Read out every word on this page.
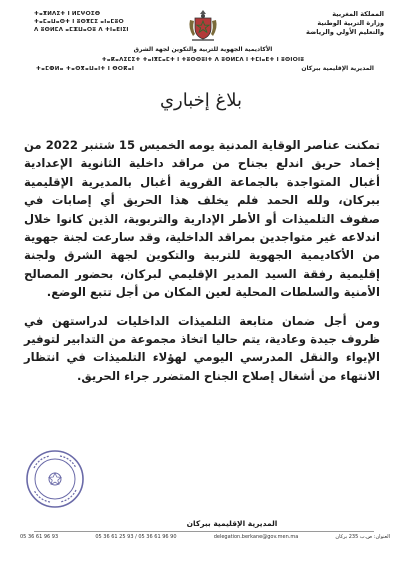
المملكة المغربية
وزارة التربية الوطنية
والتعليم الأولي والرياضة
ⵜⴰⴳⵍⴷⵉⵜ ⵏ ⵍⵎⵖⵔⵉⴱ
ⵜⴰⵎⴰⵡⴰⵙⵜ ⵏ ⵓⵙⴳⵎⵉ ⴰⵏⴰⵎⵓⵔ
ⴷ ⵓⵙⵍⵎⴷ ⴰⵎⵣⵡⴰⵔⵓ ⴷ ⵜⵏⴰⴹⵏⵉⵏ
الأكاديمية الجهوية للتربية والتكوين لجهة الشرق
ⵜⴰⴽⴰⴷⵉⵎⵉⵜ ⵜⴰⵏⴳⵎⴰⵎⵜ ⵏ ⵜⵓⵙⵙⵓⵏⵜ ⴷ ⵓⵙⵍⵎⴷ ⵏ ⵜⵎⵏⴰⴹⵜ ⵏ ⵓⵙⵏⵔⵏⵓ
ⵜⴰⵎⵀⵍⴰ ⵜⴰⵙⴳⴰⵡⴰⵏⵜ ⵏ ⴱⵔⴽⴰⵏ	المديرية الإقليمية ببركان
بلاغ إخباري

تمكنت عناصر الوقاية المدنية يومه الخميس 15 شتنبر 2022 من إخماد حريق اندلع بجناح من مراقد داخلية الثانوية الإعدادية أغبال المتواجدة بالجماعة القروية أغبال بالمديرية الإقليمية ببركان، ولله الحمد فلم يخلف هذا الحريق أي إصابات في صفوف التلميذات أو الأطر الإدارية والتربوية، الذين كانوا خلال اندلاعه غير متواجدين بمراقد الداخلية، وقد سارعت لجنة جهوية من الأكاديمية الجهوية للتربية والتكوين لجهة الشرق ولجنة إقليمية رفقة السيد المدير الإقليمي لبركان، بحضور المصالح الأمنية والسلطات المحلية لعين المكان من أجل تتبع الوضع.

ومن أجل ضمان متابعة التلميذات الداخليات لدراستهن في ظروف جيدة وعادية، يتم حاليا اتخاذ مجموعة من التدابير لتوفير الإيواء والنقل المدرسي اليومي لهؤلاء التلميذات في انتظار الانتهاء من أشغال إصلاح الجناح المتضرر جراء الحريق.

المديرية الإقليمية ببركان
05 36 61 96 93	05 36 61 25 93 / 05 36 61 96 90	delegation.berkane@gov.men.ma	العنوان: ص.ب 235 بركان
